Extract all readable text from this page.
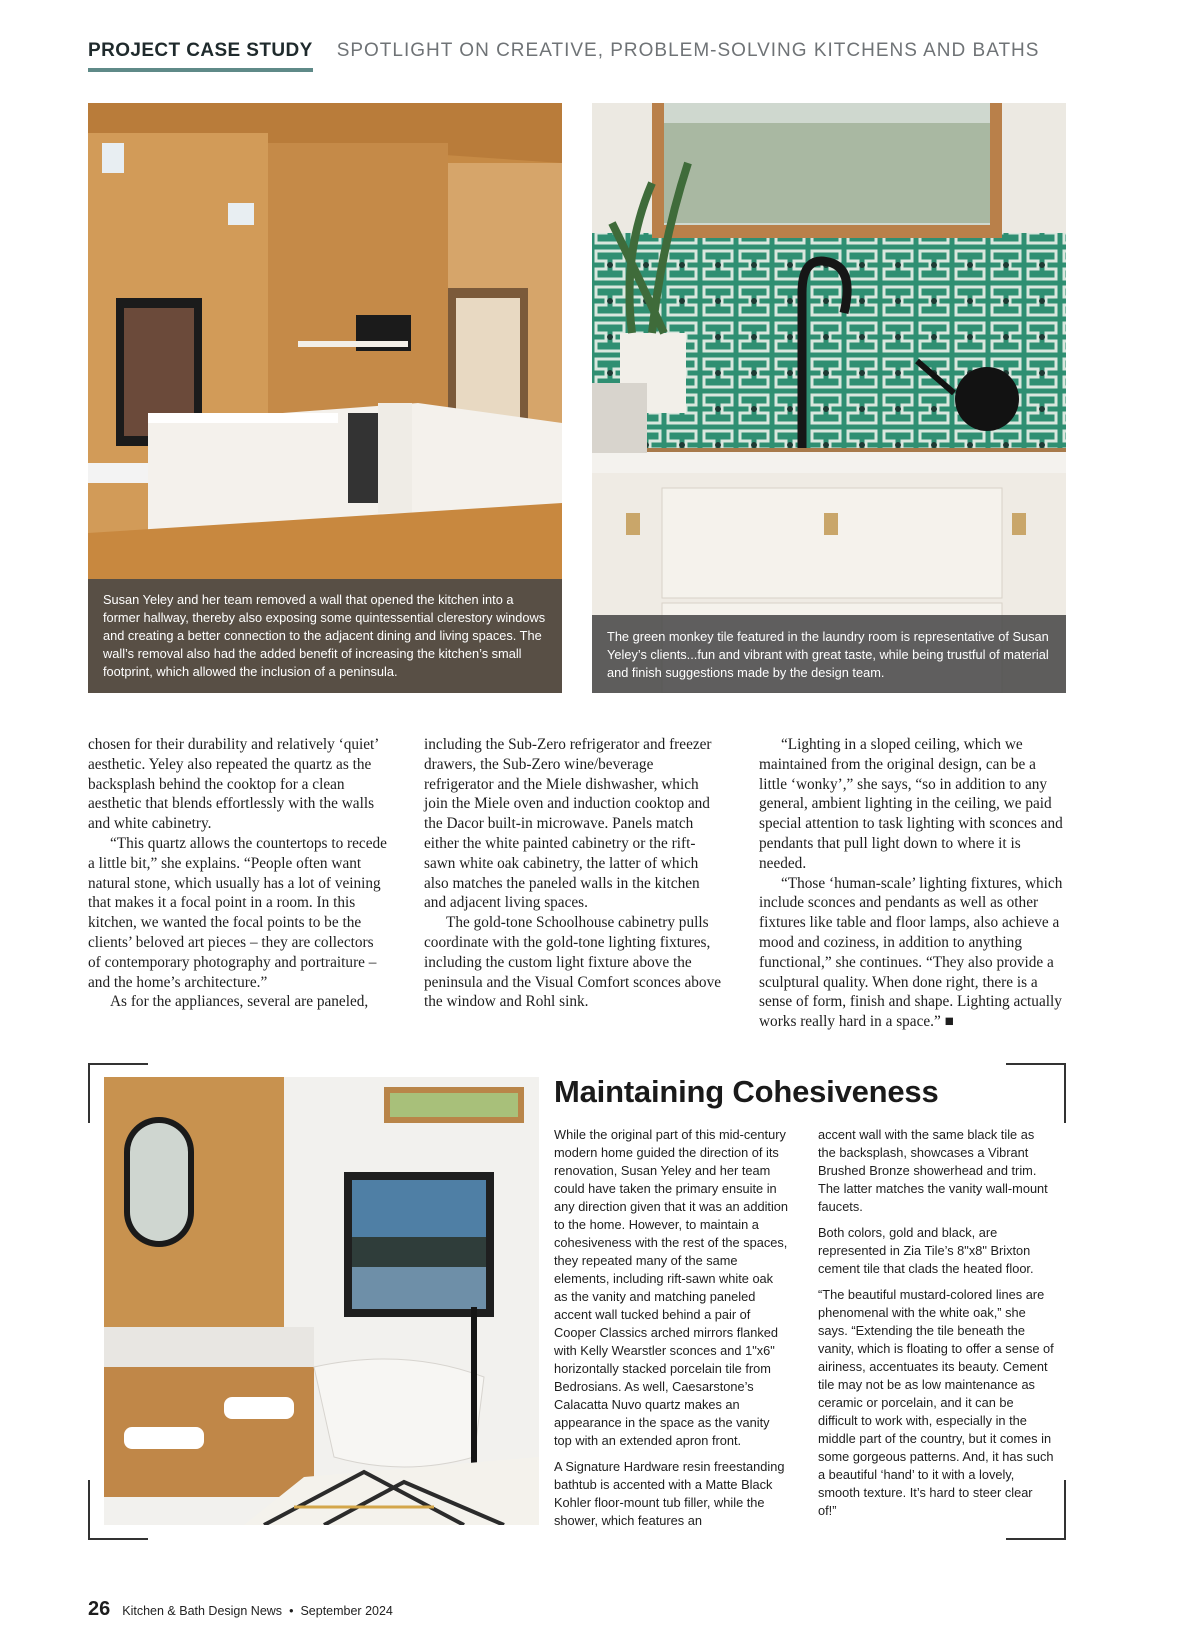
PROJECT CASE STUDY SPOTLIGHT ON CREATIVE, PROBLEM-SOLVING KITCHENS AND BATHS
Susan Yeley and her team removed a wall that opened the kitchen into a former hallway, thereby also exposing some quintessential clerestory windows and creating a better connection to the adjacent dining and living spaces. The wall’s removal also had the added benefit of increasing the kitchen’s small footprint, which allowed the inclusion of a peninsula.
The green monkey tile featured in the laundry room is representative of Susan Yeley’s clients...fun and vibrant with great taste, while being trustful of material and finish suggestions made by the design team.

chosen for their durability and relatively ‘quiet’ aesthetic. Yeley also repeated the quartz as the backsplash behind the cooktop for a clean aesthetic that blends effortlessly with the walls and white cabinetry.

“This quartz allows the countertops to recede a little bit,” she explains. “People often want natural stone, which usually has a lot of veining that makes it a focal point in a room. In this kitchen, we wanted the focal points to be the clients’ beloved art pieces – they are collectors of contemporary photography and portraiture – and the home’s architecture.”

As for the appliances, several are paneled,

including the Sub-Zero refrigerator and freezer drawers, the Sub-Zero wine/beverage refrigerator and the Miele dishwasher, which join the Miele oven and induction cooktop and the Dacor built-in microwave. Panels match either the white painted cabinetry or the rift-sawn white oak cabinetry, the latter of which also matches the paneled walls in the kitchen and adjacent living spaces.

The gold-tone Schoolhouse cabinetry pulls coordinate with the gold-tone lighting fixtures, including the custom light fixture above the peninsula and the Visual Comfort sconces above the window and Rohl sink.

“Lighting in a sloped ceiling, which we maintained from the original design, can be a little ‘wonky’,” she says, “so in addition to any general, ambient lighting in the ceiling, we paid special attention to task lighting with sconces and pendants that pull light down to where it is needed.

“Those ‘human-scale’ lighting fixtures, which include sconces and pendants as well as other fixtures like table and floor lamps, also achieve a mood and coziness, in addition to anything functional,” she continues. “They also provide a sculptural quality. When done right, there is a sense of form, finish and shape. Lighting actually works really hard in a space.” ■

Maintaining Cohesiveness

While the original part of this mid-century modern home guided the direction of its renovation, Susan Yeley and her team could have taken the primary ensuite in any direction given that it was an addition to the home. However, to maintain a cohesiveness with the rest of the spaces, they repeated many of the same elements, including rift-sawn white oak as the vanity and matching paneled accent wall tucked behind a pair of Cooper Classics arched mirrors flanked with Kelly Wearstler sconces and 1"x6" horizontally stacked porcelain tile from Bedrosians. As well, Caesarstone’s Calacatta Nuvo quartz makes an appearance in the space as the vanity top with an extended apron front.

A Signature Hardware resin freestanding bathtub is accented with a Matte Black Kohler floor-mount tub filler, while the shower, which features an

accent wall with the same black tile as the backsplash, showcases a Vibrant Brushed Bronze showerhead and trim. The latter matches the vanity wall-mount faucets.

Both colors, gold and black, are represented in Zia Tile’s 8"x8" Brixton cement tile that clads the heated floor.

“The beautiful mustard-colored lines are phenomenal with the white oak,” she says. “Extending the tile beneath the vanity, which is floating to offer a sense of airiness, accentuates its beauty. Cement tile may not be as low maintenance as ceramic or porcelain, and it can be difficult to work with, especially in the middle part of the country, but it comes in some gorgeous patterns. And, it has such a beautiful ‘hand’ to it with a lovely, smooth texture. It’s hard to steer clear of!”

26 Kitchen & Bath Design News • September 2024
